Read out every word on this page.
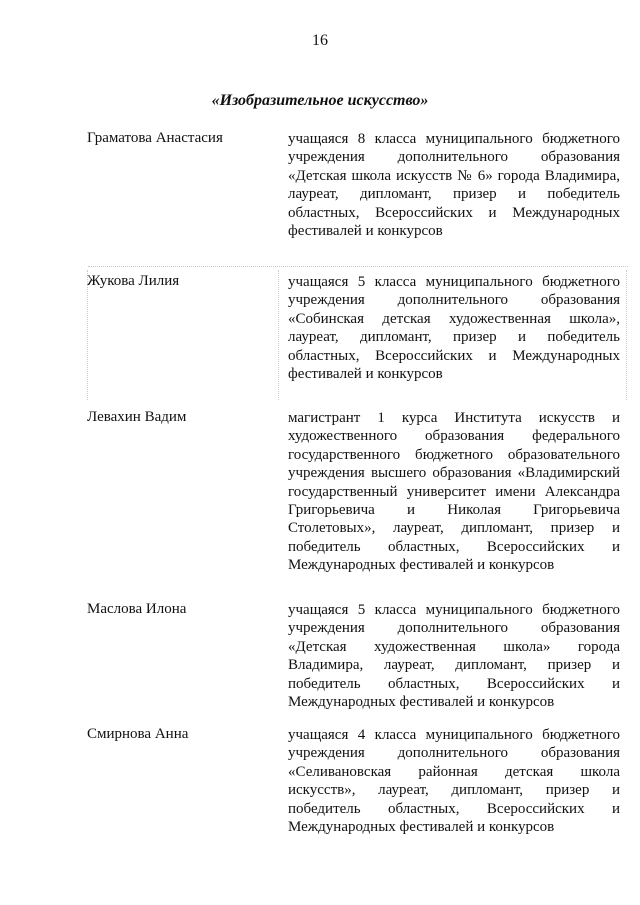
16
«Изобразительное искусство»
Граматова Анастасия	учащаяся 8 класса муниципального бюджетного учреждения дополнительного образования «Детская школа искусств № 6» города Владимира, лауреат, дипломант, призер и победитель областных, Всероссийских и Международных фестивалей и конкурсов
Жукова Лилия	учащаяся 5 класса муниципального бюджетного учреждения дополнительного образования «Собинская детская художественная школа», лауреат, дипломант, призер и победитель областных, Всероссийских и Международных фестивалей и конкурсов
Левахин Вадим	магистрант 1 курса Института искусств и художественного образования федерального государственного бюджетного образовательного учреждения высшего образования «Владимирский государственный университет имени Александра Григорьевича и Николая Григорьевича Столетовых», лауреат, дипломант, призер и победитель областных, Всероссийских и Международных фестивалей и конкурсов
Маслова Илона	учащаяся 5 класса муниципального бюджетного учреждения дополнительного образования «Детская художественная школа» города Владимира, лауреат, дипломант, призер и победитель областных, Всероссийских и Международных фестивалей и конкурсов
Смирнова Анна	учащаяся 4 класса муниципального бюджетного учреждения дополнительного образования «Селивановская районная детская школа искусств», лауреат, дипломант, призер и победитель областных, Всероссийских и Международных фестивалей и конкурсов
